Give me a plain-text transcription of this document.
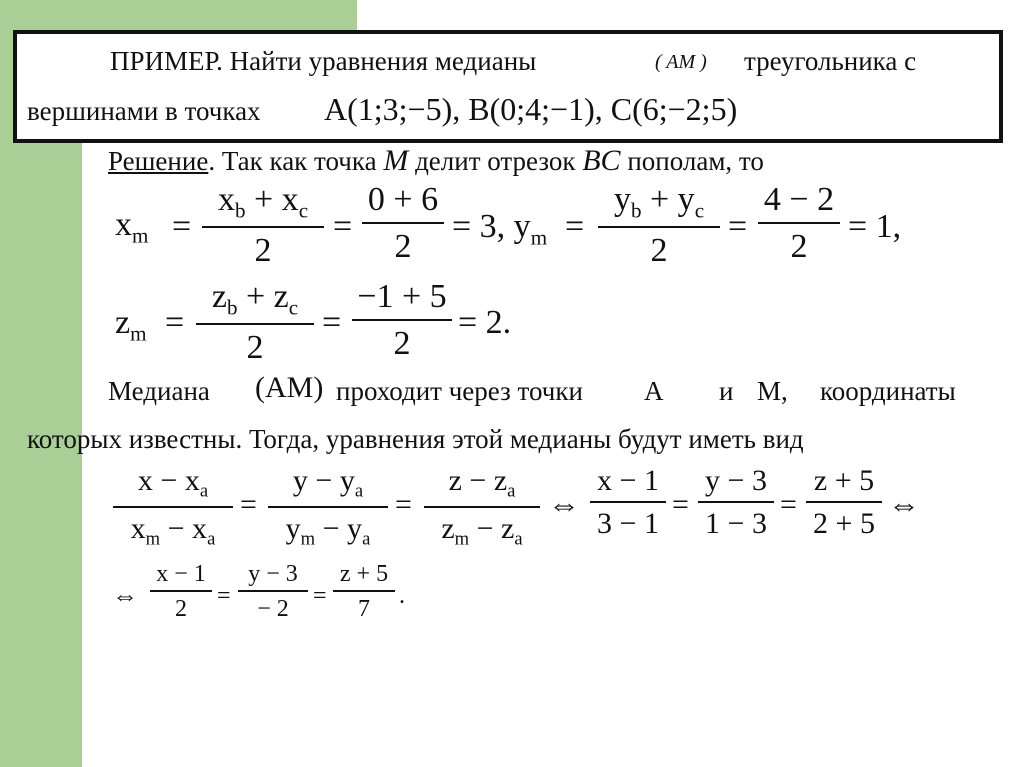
ПРИМЕР. Найти уравнения медианы	( AM ) треугольника с
вершинами в точках A(1;3;−5), B(0;4;−1), C(6;−2;5)
Решение. Так как точка M делит отрезок BC пополам, то
$x_m$ =
$x_b + x_c$
2
=
0 + 6
2
= 3, $y_m$ =
$y_b + y_c$
2
=
4 − 2
2
= 1,
$z_m$ =
$z_b + z_c$
2
=
−1 + 5
2
= 2.
Медиана (AM) проходит через точки A и M, координаты
которых известны. Тогда, уравнения этой медианы будут иметь вид
$x - x_a$
$x_m - x_a$
=
$y - y_a$
$y_m - y_a$
=
$z - z_a$
$z_m - z_a$
⇔
x − 1
3 − 1
=
y − 3
1 − 3
=
z + 5
2 + 5
⇔
⇔
x − 1
2	=
y − 3
− 2	=
z + 5
7	.
